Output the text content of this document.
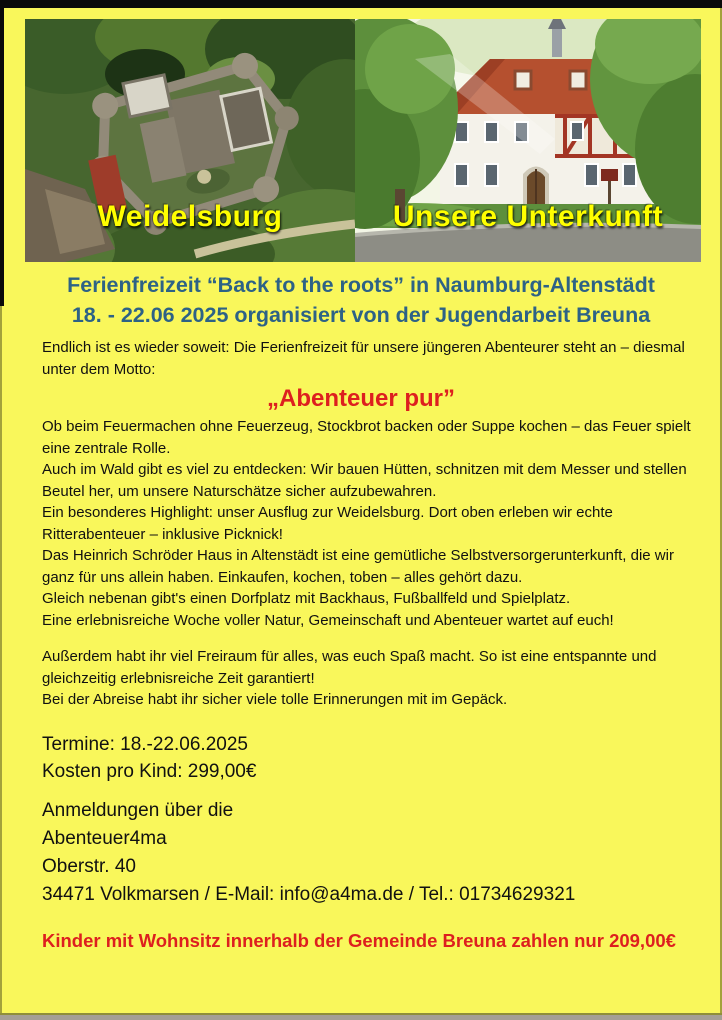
Weidelsburg	Unsere Unterkunft
Ferienfreizeit “Back to the roots” in Naumburg-Altenstädt
18. - 22.06 2025 organisiert von der Jugendarbeit Breuna

Endlich ist es wieder soweit: Die Ferienfreizeit für unsere jüngeren Abenteurer steht an – diesmal unter dem Motto:

„Abenteuer pur”

Ob beim Feuermachen ohne Feuerzeug, Stockbrot backen oder Suppe kochen – das Feuer spielt eine zentrale Rolle.

Auch im Wald gibt es viel zu entdecken: Wir bauen Hütten, schnitzen mit dem Messer und stellen Beutel her, um unsere Naturschätze sicher aufzubewahren.

Ein besonderes Highlight: unser Ausflug zur Weidelsburg. Dort oben erleben wir echte Ritterabenteuer – inklusive Picknick!

Das Heinrich Schröder Haus in Altenstädt ist eine gemütliche Selbstversorgerunterkunft, die wir ganz für uns allein haben. Einkaufen, kochen, toben – alles gehört dazu.

Gleich nebenan gibt's einen Dorfplatz mit Backhaus, Fußballfeld und Spielplatz.

Eine erlebnisreiche Woche voller Natur, Gemeinschaft und Abenteuer wartet auf euch!

Außerdem habt ihr viel Freiraum für alles, was euch Spaß macht. So ist eine entspannte und gleichzeitig erlebnisreiche Zeit garantiert!

Bei der Abreise habt ihr sicher viele tolle Erinnerungen mit im Gepäck.

Termine: 18.-22.06.2025
Kosten pro Kind: 299,00€
Anmeldungen über die
Abenteuer4ma
Oberstr. 40
34471 Volkmarsen / E-Mail: info@a4ma.de / Tel.: 01734629321
Kinder mit Wohnsitz innerhalb der Gemeinde Breuna zahlen nur 209,00€
